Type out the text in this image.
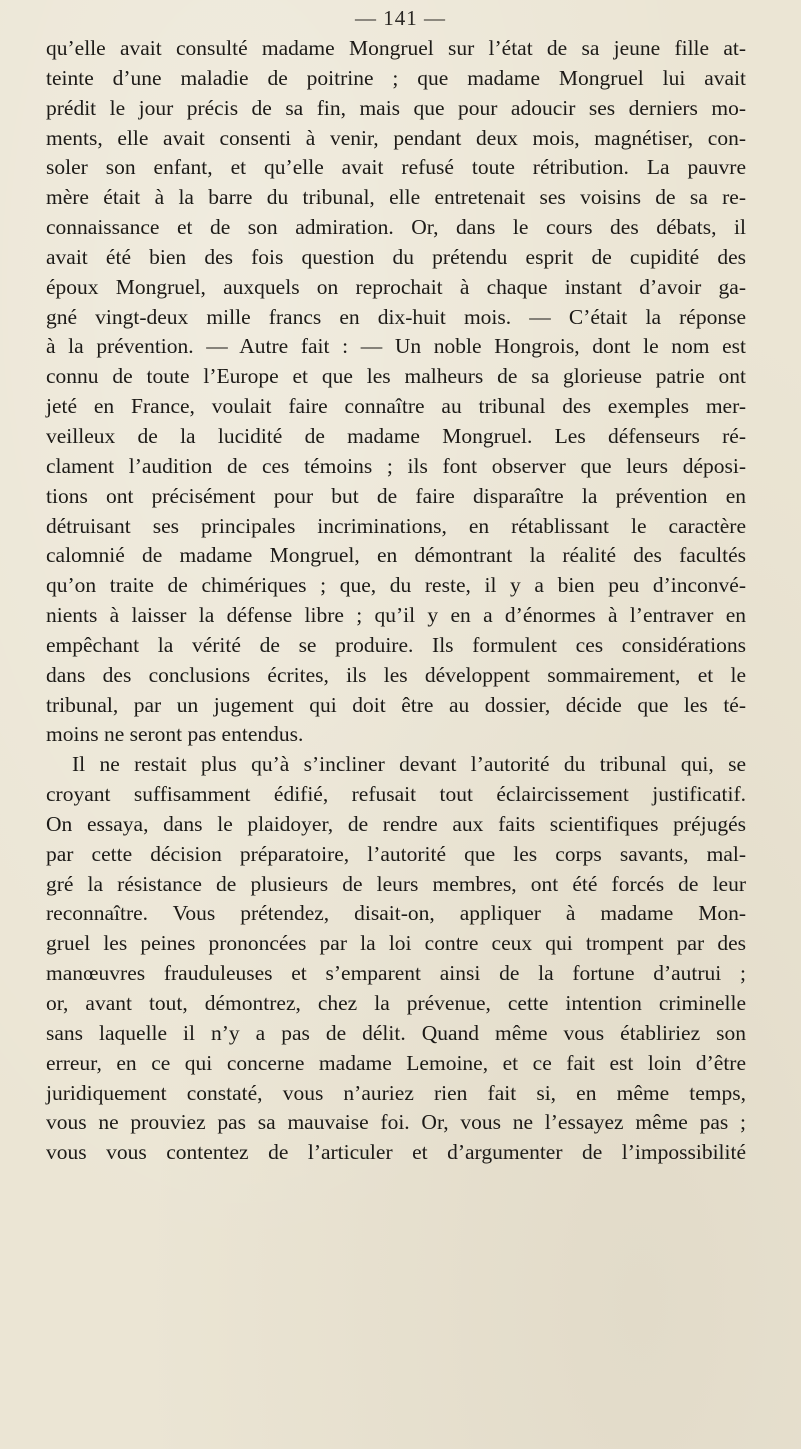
— 141 —
qu’elle avait consulté madame Mongruel sur l’état de sa jeune fille at-
teinte d’une maladie de poitrine ; que madame Mongruel lui avait
prédit le jour précis de sa fin, mais que pour adoucir ses derniers mo-
ments, elle avait consenti à venir, pendant deux mois, magnétiser, con-
soler son enfant, et qu’elle avait refusé toute rétribution. La pauvre
mère était à la barre du tribunal, elle entretenait ses voisins de sa re-
connaissance et de son admiration. Or, dans le cours des débats, il
avait été bien des fois question du prétendu esprit de cupidité des
époux Mongruel, auxquels on reprochait à chaque instant d’avoir ga-
gné vingt-deux mille francs en dix-huit mois. — C’était la réponse
à la prévention. — Autre fait : — Un noble Hongrois, dont le nom est
connu de toute l’Europe et que les malheurs de sa glorieuse patrie ont
jeté en France, voulait faire connaître au tribunal des exemples mer-
veilleux de la lucidité de madame Mongruel. Les défenseurs ré-
clament l’audition de ces témoins ; ils font observer que leurs déposi-
tions ont précisément pour but de faire disparaître la prévention en
détruisant ses principales incriminations, en rétablissant le caractère
calomnié de madame Mongruel, en démontrant la réalité des facultés
qu’on traite de chimériques ; que, du reste, il y a bien peu d’inconvé-
nients à laisser la défense libre ; qu’il y en a d’énormes à l’entraver en
empêchant la vérité de se produire. Ils formulent ces considérations
dans des conclusions écrites, ils les développent sommairement, et le
tribunal, par un jugement qui doit être au dossier, décide que les té-
moins ne seront pas entendus.
Il ne restait plus qu’à s’incliner devant l’autorité du tribunal qui, se
croyant suffisamment édifié, refusait tout éclaircissement justificatif.
On essaya, dans le plaidoyer, de rendre aux faits scientifiques préjugés
par cette décision préparatoire, l’autorité que les corps savants, mal-
gré la résistance de plusieurs de leurs membres, ont été forcés de leur
reconnaître. Vous prétendez, disait-on, appliquer à madame Mon-
gruel les peines prononcées par la loi contre ceux qui trompent par des
manœuvres frauduleuses et s’emparent ainsi de la fortune d’autrui ;
or, avant tout, démontrez, chez la prévenue, cette intention criminelle
sans laquelle il n’y a pas de délit. Quand même vous établiriez son
erreur, en ce qui concerne madame Lemoine, et ce fait est loin d’être
juridiquement constaté, vous n’auriez rien fait si, en même temps,
vous ne prouviez pas sa mauvaise foi. Or, vous ne l’essayez même pas ;
vous vous contentez de l’articuler et d’argumenter de l’impossibilité
